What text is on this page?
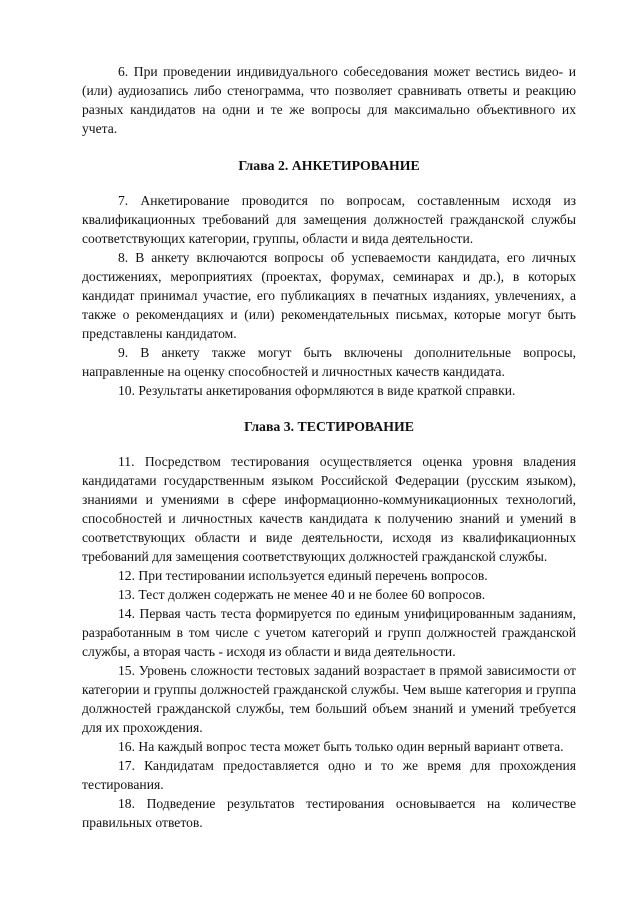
6. При проведении индивидуального собеседования может вестись видео- и (или) аудиозапись либо стенограмма, что позволяет сравнивать ответы и реакцию разных кандидатов на одни и те же вопросы для максимально объективного их учета.

Глава 2. АНКЕТИРОВАНИЕ

7. Анкетирование проводится по вопросам, составленным исходя из квалификационных требований для замещения должностей гражданской службы соответствующих категории, группы, области и вида деятельности.

8. В анкету включаются вопросы об успеваемости кандидата, его личных достижениях, мероприятиях (проектах, форумах, семинарах и др.), в которых кандидат принимал участие, его публикациях в печатных изданиях, увлечениях, а также о рекомендациях и (или) рекомендательных письмах, которые могут быть представлены кандидатом.

9. В анкету также могут быть включены дополнительные вопросы, направленные на оценку способностей и личностных качеств кандидата.

10. Результаты анкетирования оформляются в виде краткой справки.

Глава 3. ТЕСТИРОВАНИЕ

11. Посредством тестирования осуществляется оценка уровня владения кандидатами государственным языком Российской Федерации (русским языком), знаниями и умениями в сфере информационно-коммуникационных технологий, способностей и личностных качеств кандидата к получению знаний и умений в соответствующих области и виде деятельности, исходя из квалификационных требований для замещения соответствующих должностей гражданской службы.

12. При тестировании используется единый перечень вопросов.

13. Тест должен содержать не менее 40 и не более 60 вопросов.

14. Первая часть теста формируется по единым унифицированным заданиям, разработанным в том числе с учетом категорий и групп должностей гражданской службы, а вторая часть - исходя из области и вида деятельности.

15. Уровень сложности тестовых заданий возрастает в прямой зависимости от категории и группы должностей гражданской службы. Чем выше категория и группа должностей гражданской службы, тем больший объем знаний и умений требуется для их прохождения.

16. На каждый вопрос теста может быть только один верный вариант ответа.

17. Кандидатам предоставляется одно и то же время для прохождения тестирования.

18. Подведение результатов тестирования основывается на количестве правильных ответов.
